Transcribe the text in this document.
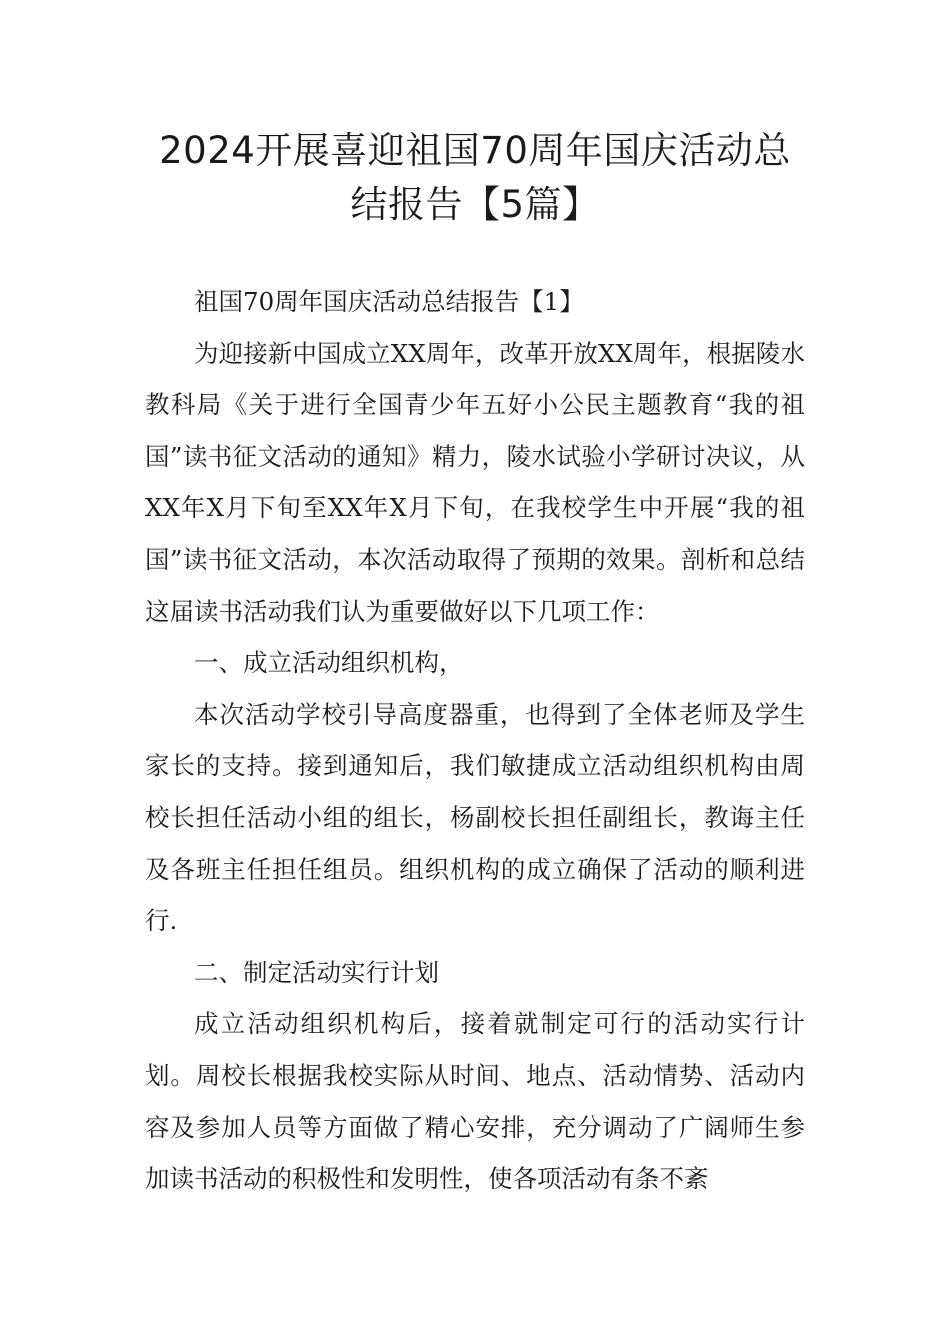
2024开展喜迎祖国70周年国庆活动总
结报告【5篇】

祖国70周年国庆活动总结报告【1】

为迎接新中国成立XX周年，改革开放XX周年，根据陵水教科局《关于进行全国青少年五好小公民主题教育“我的祖国”读书征文活动的通知》精力，陵水试验小学研讨决议，从XX年X月下旬至XX年X月下旬，在我校学生中开展“我的祖国”读书征文活动，本次活动取得了预期的效果。剖析和总结这届读书活动我们认为重要做好以下几项工作：

一、成立活动组织机构，

本次活动学校引导高度器重，也得到了全体老师及学生家长的支持。接到通知后，我们敏捷成立活动组织机构由周校长担任活动小组的组长，杨副校长担任副组长，教诲主任及各班主任担任组员。组织机构的成立确保了活动的顺利进行.

二、制定活动实行计划

成立活动组织机构后，接着就制定可行的活动实行计划。周校长根据我校实际从时间、地点、活动情势、活动内容及参加人员等方面做了精心安排，充分调动了广阔师生参加读书活动的积极性和发明性，使各项活动有条不紊
